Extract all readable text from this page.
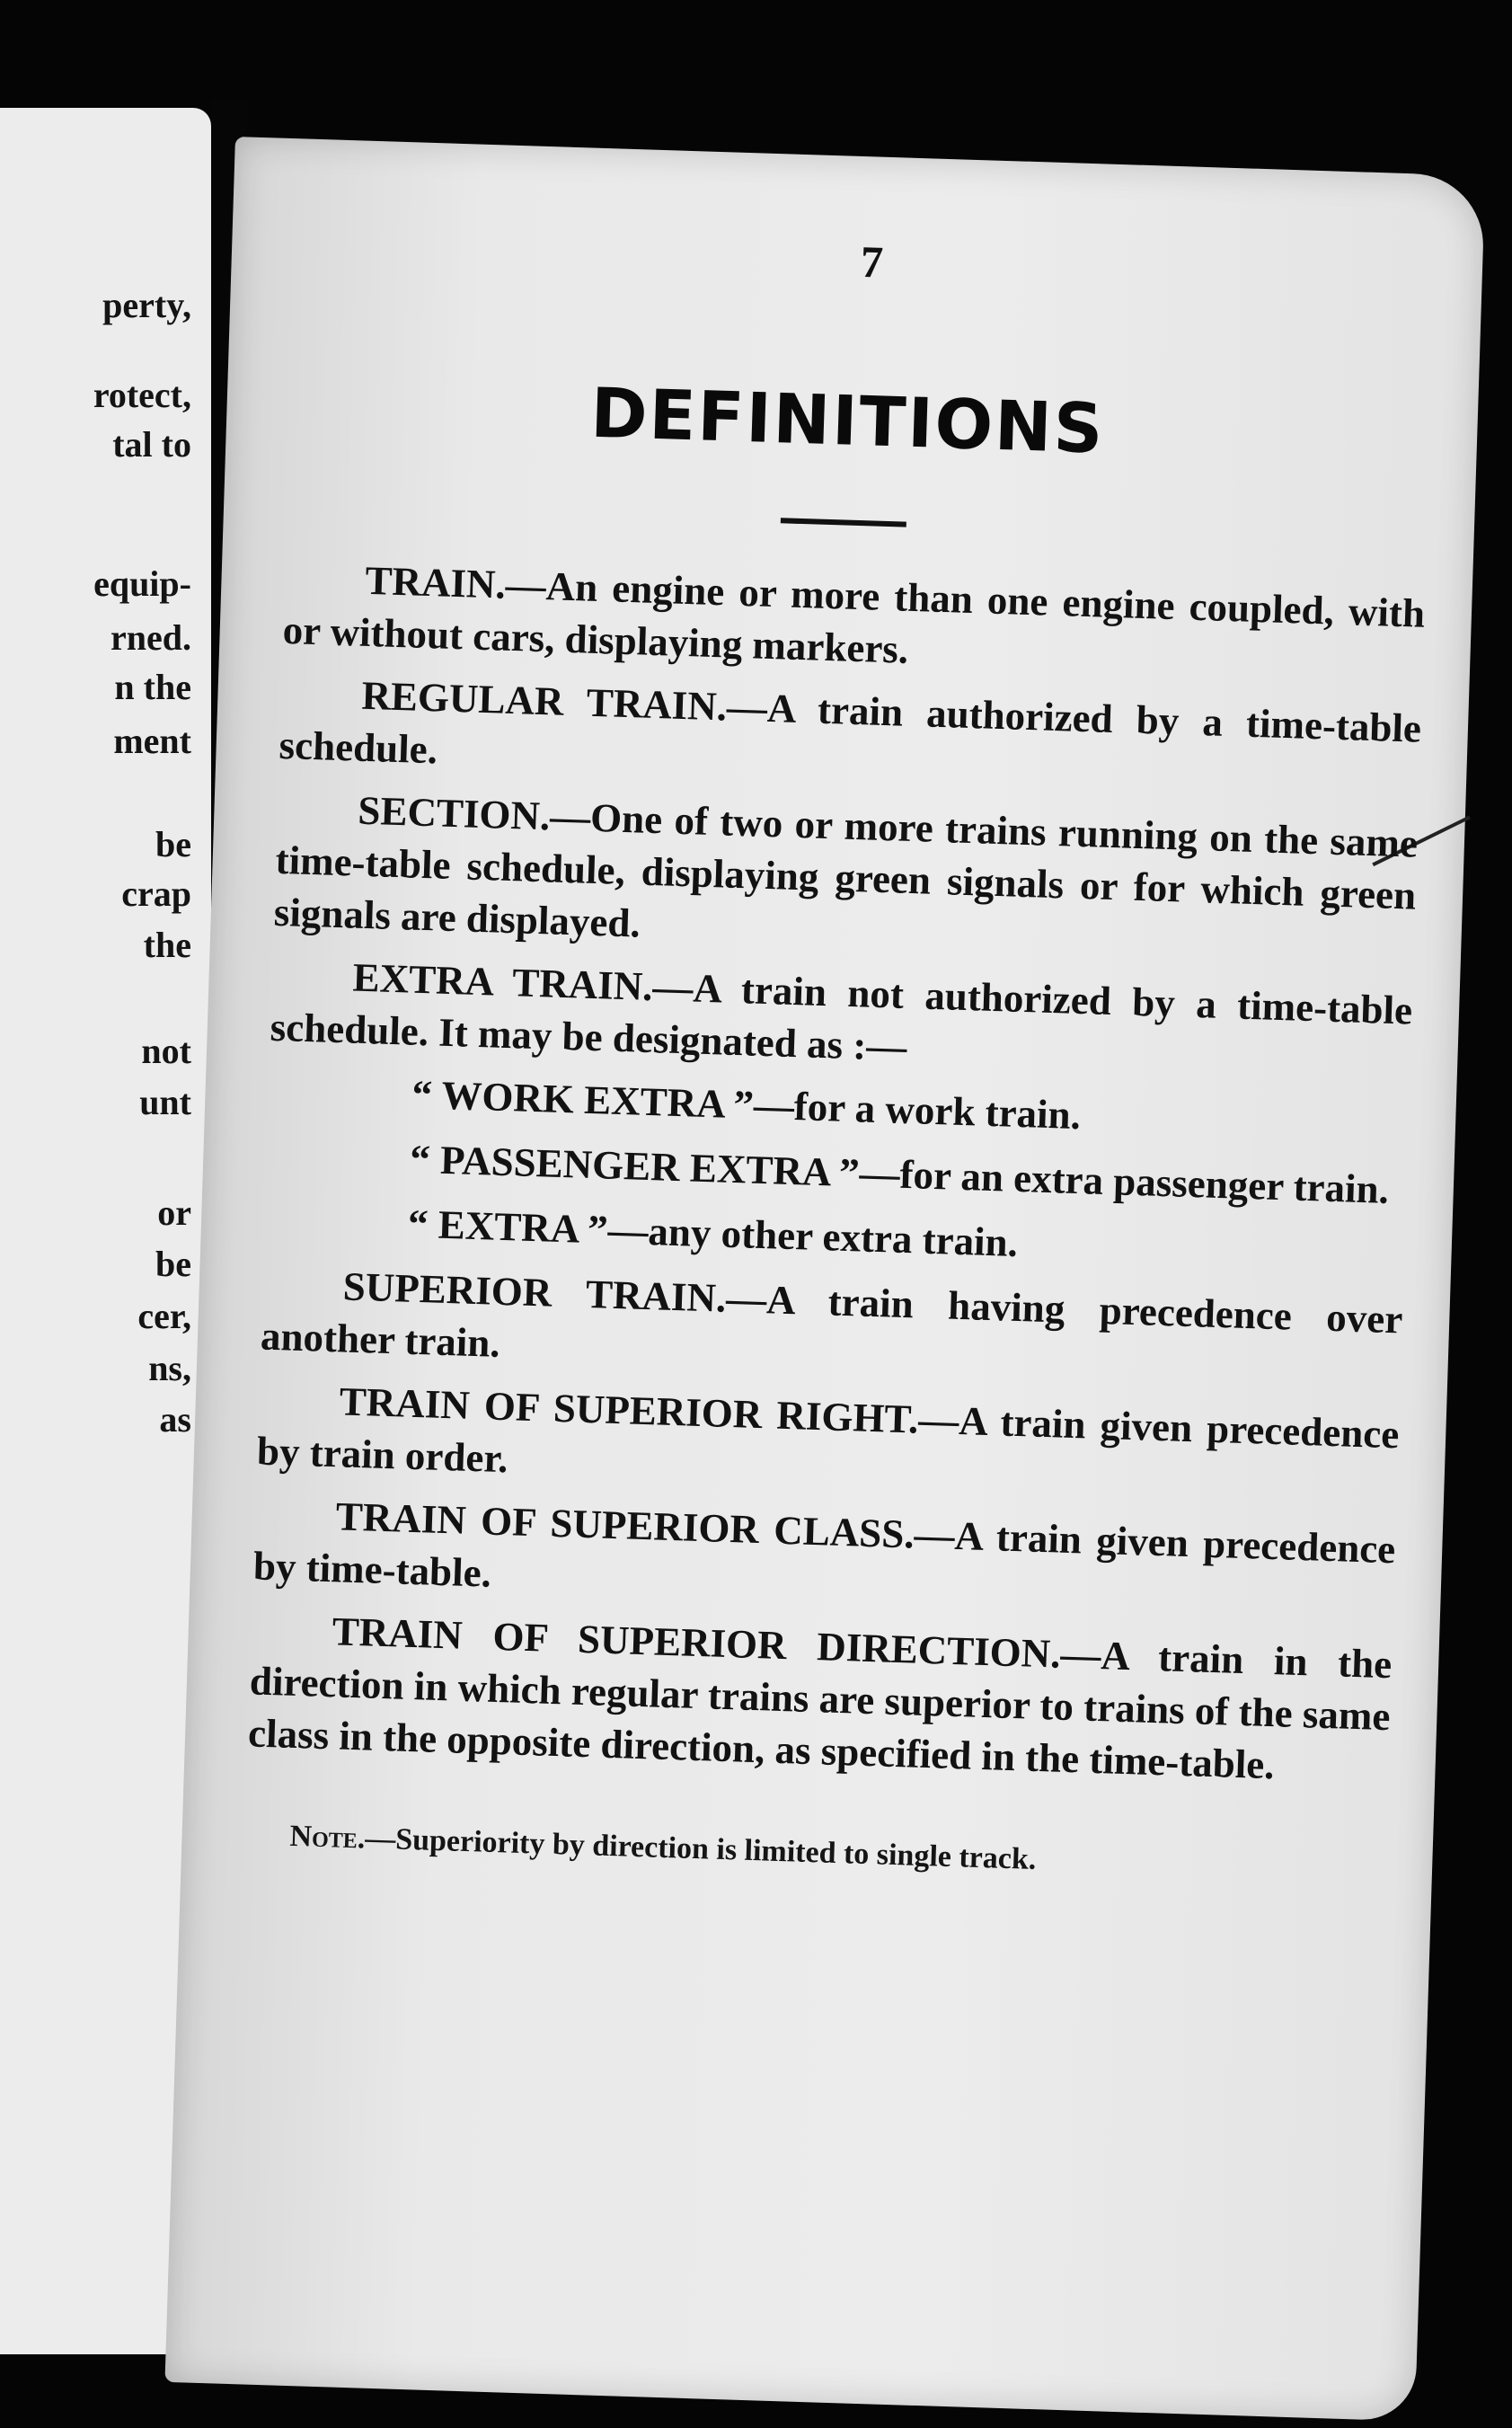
perty,
rotect,
tal to
equip-
rned.
n the
ment
be
crap
the
not
unt
or
be
cer,
ns,
as
7
DEFINITIONS

TRAIN.—An engine or more than one engine coupled, with or without cars, displaying markers.

REGULAR TRAIN.—A train authorized by a time-table schedule.

SECTION.—One of two or more trains running on the same time-table schedule, displaying green signals or for which green signals are displayed.

EXTRA TRAIN.—A train not authorized by a time-table schedule. It may be designated as :—

“ WORK EXTRA ”—for a work train.

“ PASSENGER EXTRA ”—for an extra passenger train.

“ EXTRA ”—any other extra train.

SUPERIOR TRAIN.—A train having precedence over another train.

TRAIN OF SUPERIOR RIGHT.—A train given precedence by train order.

TRAIN OF SUPERIOR CLASS.—A train given precedence by time-table.

TRAIN OF SUPERIOR DIRECTION.—A train in the direction in which regular trains are superior to trains of the same class in the opposite direction, as specified in the time-table.

Note.—Superiority by direction is limited to single track.
